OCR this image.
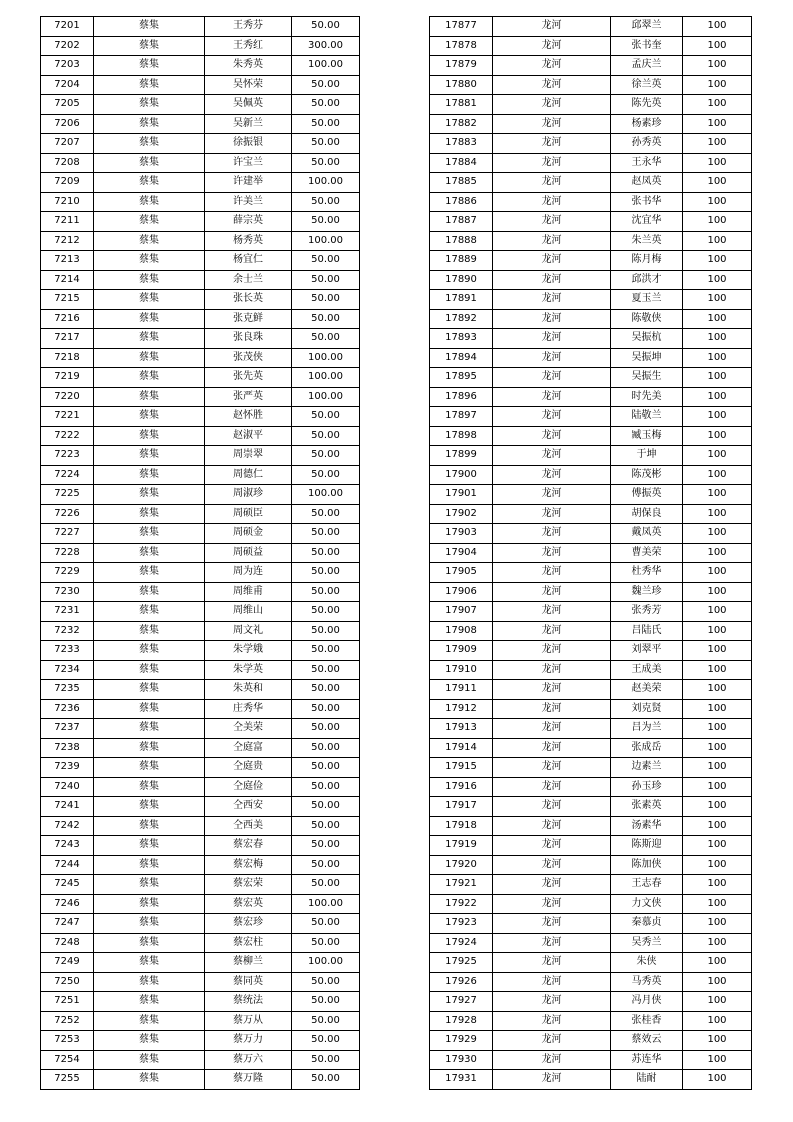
7201	蔡集	王秀芬	50.00
7202	蔡集	王秀红	300.00
7203	蔡集	朱秀英	100.00
7204	蔡集	吴怀荣	50.00
7205	蔡集	吴佩英	50.00
7206	蔡集	吴新兰	50.00
7207	蔡集	徐振银	50.00
7208	蔡集	许宝兰	50.00
7209	蔡集	许建举	100.00
7210	蔡集	许美兰	50.00
7211	蔡集	薛宗英	50.00
7212	蔡集	杨秀英	100.00
7213	蔡集	杨宜仁	50.00
7214	蔡集	余士兰	50.00
7215	蔡集	张长英	50.00
7216	蔡集	张克鲜	50.00
7217	蔡集	张良珠	50.00
7218	蔡集	张茂侠	100.00
7219	蔡集	张先英	100.00
7220	蔡集	张严英	100.00
7221	蔡集	赵怀胜	50.00
7222	蔡集	赵淑平	50.00
7223	蔡集	周崇翠	50.00
7224	蔡集	周德仁	50.00
7225	蔡集	周淑珍	100.00
7226	蔡集	周硕臣	50.00
7227	蔡集	周硕金	50.00
7228	蔡集	周硕益	50.00
7229	蔡集	周为连	50.00
7230	蔡集	周维甫	50.00
7231	蔡集	周维山	50.00
7232	蔡集	周文礼	50.00
7233	蔡集	朱学娥	50.00
7234	蔡集	朱学英	50.00
7235	蔡集	朱英和	50.00
7236	蔡集	庄秀华	50.00
7237	蔡集	仝美荣	50.00
7238	蔡集	仝庭富	50.00
7239	蔡集	仝庭贵	50.00
7240	蔡集	仝庭俭	50.00
7241	蔡集	仝西安	50.00
7242	蔡集	仝西美	50.00
7243	蔡集	蔡宏春	50.00
7244	蔡集	蔡宏梅	50.00
7245	蔡集	蔡宏荣	50.00
7246	蔡集	蔡宏英	100.00
7247	蔡集	蔡宏珍	50.00
7248	蔡集	蔡宏柱	50.00
7249	蔡集	蔡柳兰	100.00
7250	蔡集	蔡同英	50.00
7251	蔡集	蔡统法	50.00
7252	蔡集	蔡万从	50.00
7253	蔡集	蔡万力	50.00
7254	蔡集	蔡万六	50.00
7255	蔡集	蔡万隆	50.00
17877	龙河	邱翠兰	100
17878	龙河	张书奎	100
17879	龙河	孟庆兰	100
17880	龙河	徐兰英	100
17881	龙河	陈先英	100
17882	龙河	杨素珍	100
17883	龙河	孙秀英	100
17884	龙河	王永华	100
17885	龙河	赵凤英	100
17886	龙河	张书华	100
17887	龙河	沈宜华	100
17888	龙河	朱兰英	100
17889	龙河	陈月梅	100
17890	龙河	邱洪才	100
17891	龙河	夏玉兰	100
17892	龙河	陈敬侠	100
17893	龙河	吴振杭	100
17894	龙河	吴振坤	100
17895	龙河	吴振生	100
17896	龙河	时先美	100
17897	龙河	陆敬兰	100
17898	龙河	臧玉梅	100
17899	龙河	于坤	100
17900	龙河	陈茂彬	100
17901	龙河	傅振英	100
17902	龙河	胡保良	100
17903	龙河	戴凤英	100
17904	龙河	曹美荣	100
17905	龙河	杜秀华	100
17906	龙河	魏兰珍	100
17907	龙河	张秀芳	100
17908	龙河	吕陆氏	100
17909	龙河	刘翠平	100
17910	龙河	王成美	100
17911	龙河	赵美荣	100
17912	龙河	刘克贤	100
17913	龙河	吕为兰	100
17914	龙河	张成岳	100
17915	龙河	边素兰	100
17916	龙河	孙玉珍	100
17917	龙河	张素英	100
17918	龙河	汤素华	100
17919	龙河	陈斯迎	100
17920	龙河	陈加侠	100
17921	龙河	王志春	100
17922	龙河	力文侠	100
17923	龙河	秦慕贞	100
17924	龙河	吴秀兰	100
17925	龙河	朱侠	100
17926	龙河	马秀英	100
17927	龙河	冯月侠	100
17928	龙河	张桂香	100
17929	龙河	蔡效云	100
17930	龙河	苏连华	100
17931	龙河	陆耐	100
